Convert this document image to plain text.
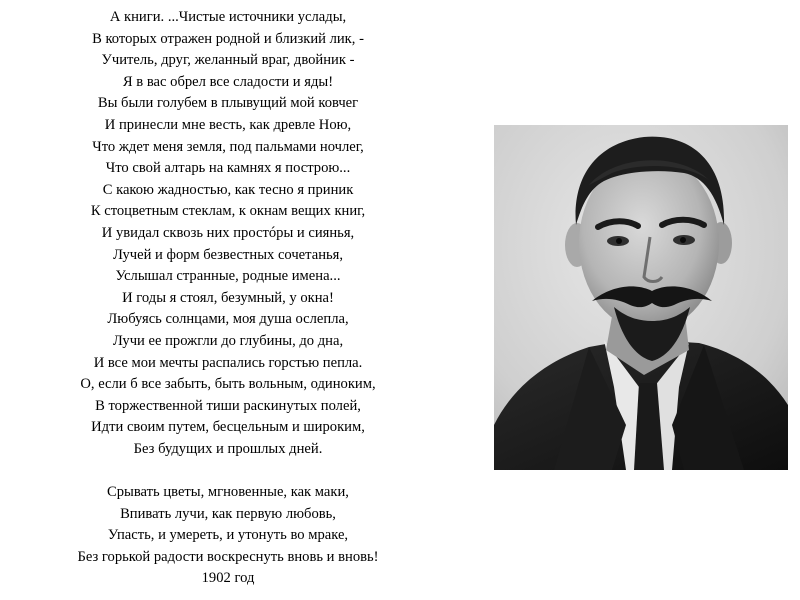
А книги. ...Чистые источники услады,
В которых отражен родной и близкий лик, -
Учитель, друг, желанный враг, двойник -
Я в вас обрел все сладости и яды!
Вы были голубем в плывущий мой ковчег
И принесли мне весть, как древле Ною,
Что ждет меня земля, под пальмами ночлег,
Что свой алтарь на камнях я построю...
С какою жадностью, как тесно я приник
К стоцветным стеклам, к окнам вещих книг,
И увидал сквозь них простóры и сиянья,
Лучей и форм безвестных сочетанья,
Услышал странные, родные имена...
И годы я стоял, безумный, у окна!
Любуясь солнцами, моя душа ослепла,
Лучи ее прожгли до глубины, до дна,
И все мои мечты распались горстью пепла.
О, если б все забыть, быть вольным, одиноким,
В торжественной тиши раскинутых полей,
Идти своим путем, бесцельным и широким,
Без будущих и прошлых дней.
Срывать цветы, мгновенные, как маки,
Впивать лучи, как первую любовь,
Упасть, и умереть, и утонуть во мраке,
Без горькой радости воскреснуть вновь и вновь!
1902 год
